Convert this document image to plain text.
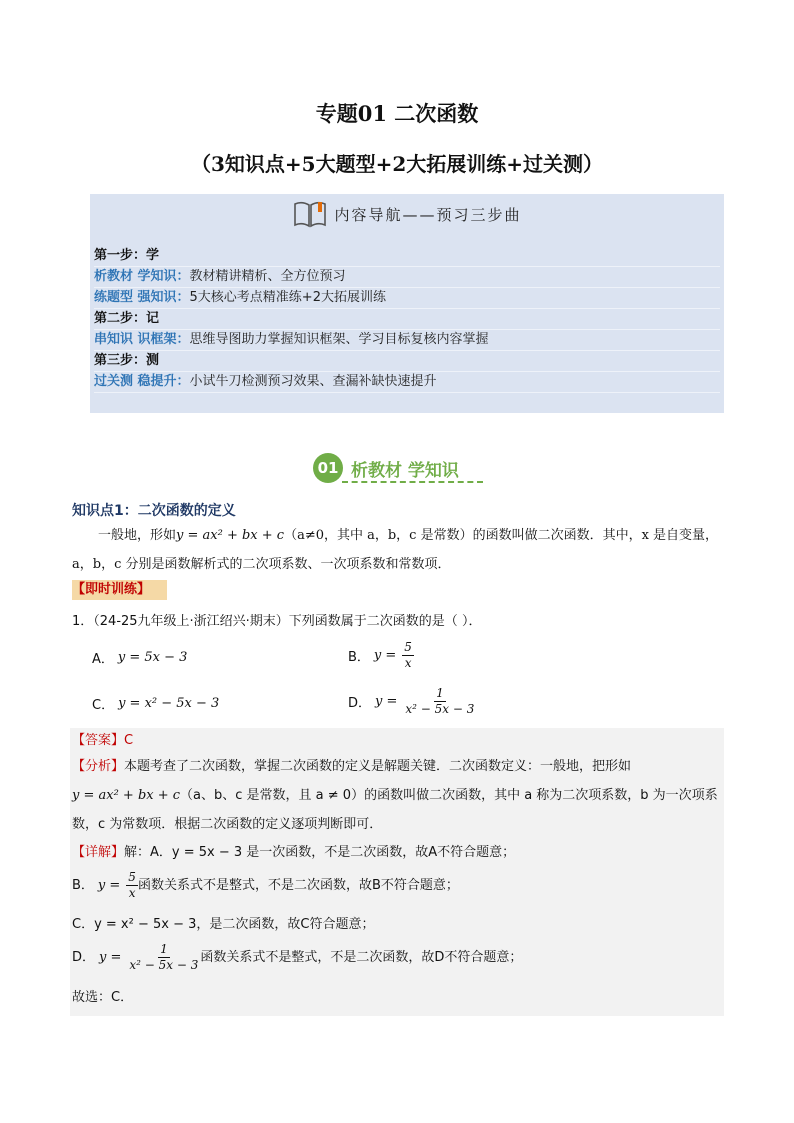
专题01 二次函数
（3知识点+5大题型+2大拓展训练+过关测）
内容导航——预习三步曲
第一步：学
析教材 学知识：教材精讲精析、全方位预习
练题型 强知识：5大核心考点精准练+2大拓展训练
第二步：记
串知识 识框架：思维导图助力掌握知识框架、学习目标复核内容掌握
第三步：测
过关测 稳提升：小试牛刀检测预习效果、查漏补缺快速提升
01 析教材 学知识
知识点1：二次函数的定义
一般地，形如y = ax² + bx + c（a≠0，其中 a，b，c 是常数）的函数叫做二次函数．其中，x 是自变量，
a，b，c 分别是函数解析式的二次项系数、一次项系数和常数项．
【即时训练】
1．（24-25九年级上·浙江绍兴·期末）下列函数属于二次函数的是（ ）．
A． y = 5x − 3	B． $y = \frac{5}{x}$
C． y = x² − 5x − 3	D． $y = \frac{1}{\text{x² − 5x − 3}}$
【答案】C
【分析】本题考查了二次函数，掌握二次函数的定义是解题关键．二次函数定义：一般地，把形如
y = ax² + bx + c（a、b、c 是常数，且 a ≠ 0）的函数叫做二次函数，其中 a 称为二次项系数，b 为一次项系
数，c 为常数项．根据二次函数的定义逐项判断即可．
【详解】解：A．y = 5x − 3 是一次函数，不是二次函数，故A不符合题意；
B． $y = \frac{5}{x}$ 函数关系式不是整式，不是二次函数，故B不符合题意；
C．y = x² − 5x − 3，是二次函数，故C符合题意；
D． $y = \frac{1}{\text{x² − 5x − 3}}$ 函数关系式不是整式，不是二次函数，故D不符合题意；
故选：C．
